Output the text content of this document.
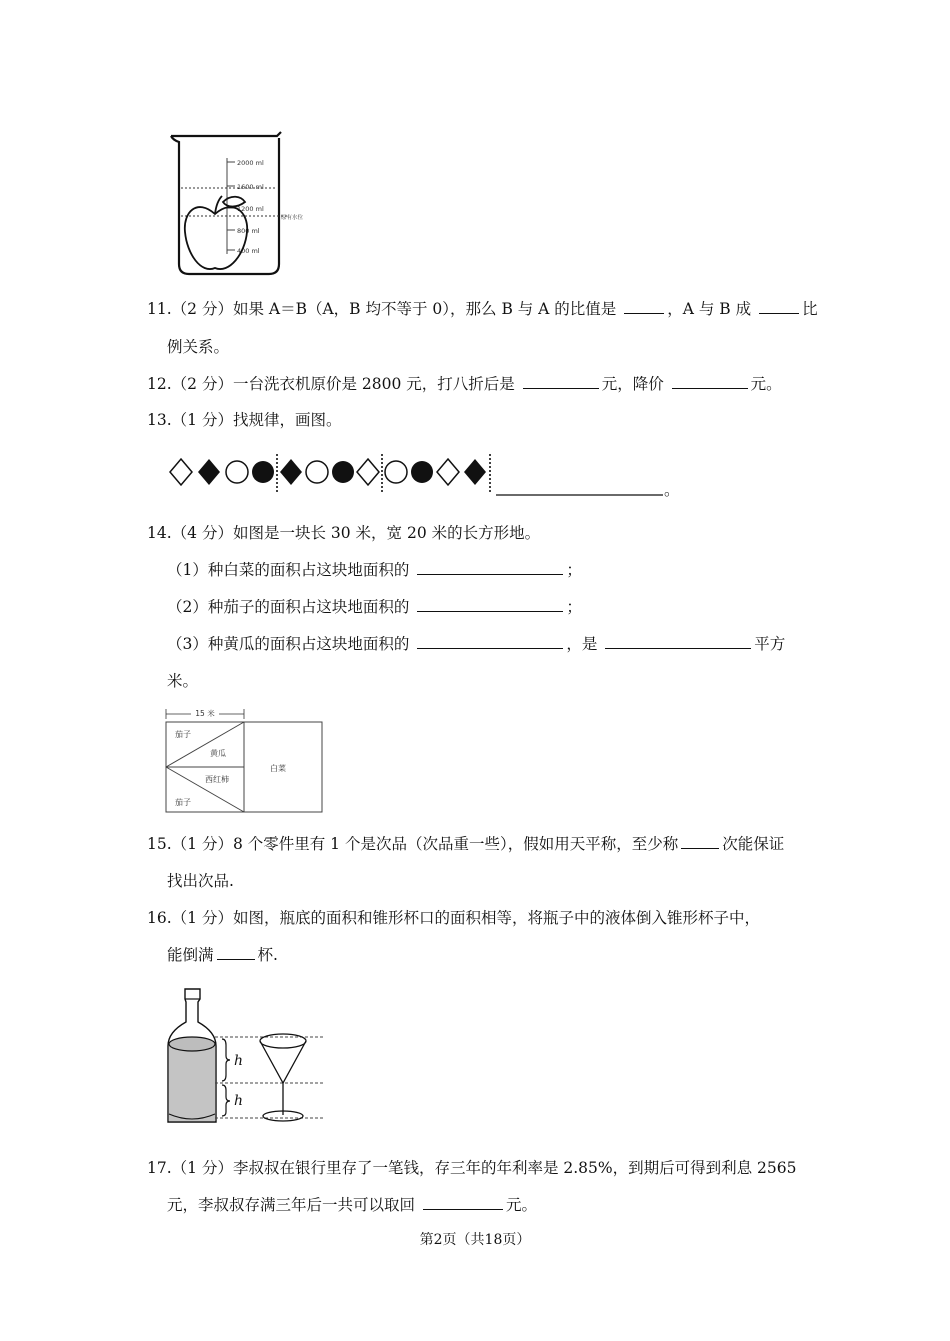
2000 ml
1600 ml
1200 ml
800 ml
400 ml
原有水位
11.（2 分）如果 A＝B（A，B 均不等于 0），那么 B 与 A 的比值是	，A 与 B 成	比
例关系。
12.（2 分）一台洗衣机原价是 2800 元，打八折后是	元，降价	元。
13.（1 分）找规律，画图。
。
14.（4 分）如图是一块长 30 米，宽 20 米的长方形地。
（1）种白菜的面积占这块地面积的	；
（2）种茄子的面积占这块地面积的	；
（3）种黄瓜的面积占这块地面积的	，是	平方
米。
15 米
茄子
黄瓜
西红柿
茄子
白菜
15.（1 分）8 个零件里有 1 个是次品（次品重一些），假如用天平称，至少称	次能保证
找出次品.
16.（1 分）如图，瓶底的面积和锥形杯口的面积相等，将瓶子中的液体倒入锥形杯子中，
能倒满	杯.
h
h
17.（1 分）李叔叔在银行里存了一笔钱，存三年的年利率是 2.85%，到期后可得到利息 2565
元，李叔叔存满三年后一共可以取回	元。
第2页（共18页）
